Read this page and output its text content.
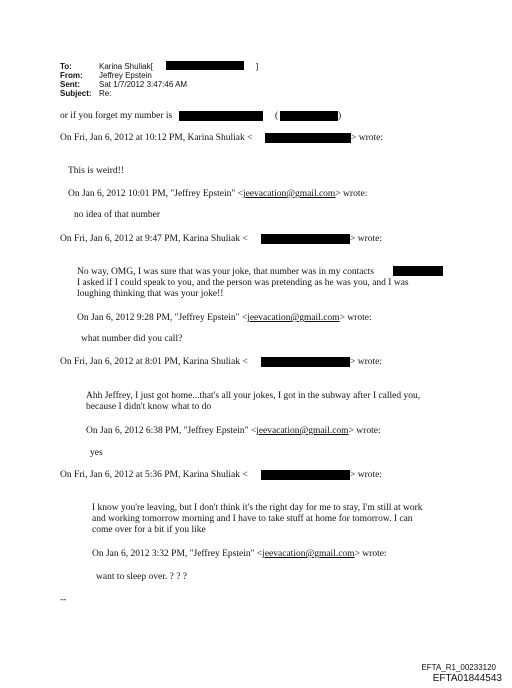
To:	Karina Shuliak[	]
From: Jeffrey Epstein
Sent: Sat 1/7/2012 3:47:46 AM
Subject: Re:
or if you forget my number is	(	)
On Fri, Jan 6, 2012 at 10:12 PM, Karina Shuliak <	> wrote:
This is weird!!
On Jan 6, 2012 10:01 PM, "Jeffrey Epstein" <jeevacation@gmail.com> wrote:
no idea of that number
On Fri, Jan 6, 2012 at 9:47 PM, Karina Shuliak <	> wrote:
No way, OMG, I was sure that was your joke, that number was in my contacts
I asked if I could speak to you, and the person was pretending as he was you, and I was
loughing thinking that was your joke!!
On Jan 6, 2012 9:28 PM, "Jeffrey Epstein" <jeevacation@gmail.com> wrote:
what number did you call?
On Fri, Jan 6, 2012 at 8:01 PM, Karina Shuliak <	> wrote:
Ahh Jeffrey, I just got home...that's all your jokes, I got in the subway after I called you,
because I didn't know what to do
On Jan 6, 2012 6:38 PM, "Jeffrey Epstein" <jeevacation@gmail.com> wrote:
yes
On Fri, Jan 6, 2012 at 5:36 PM, Karina Shuliak <	> wrote:
I know you're leaving, but I don't think it's the right day for me to stay, I'm still at work
and working tomorrow morning and I have to take stuff at home for tomorrow. I can
come over for a bit if you like
On Jan 6, 2012 3:32 PM, "Jeffrey Epstein" <jeevacation@gmail.com> wrote:
want to sleep over. ? ? ?
--
EFTA_R1_00233120
EFTA01844543
